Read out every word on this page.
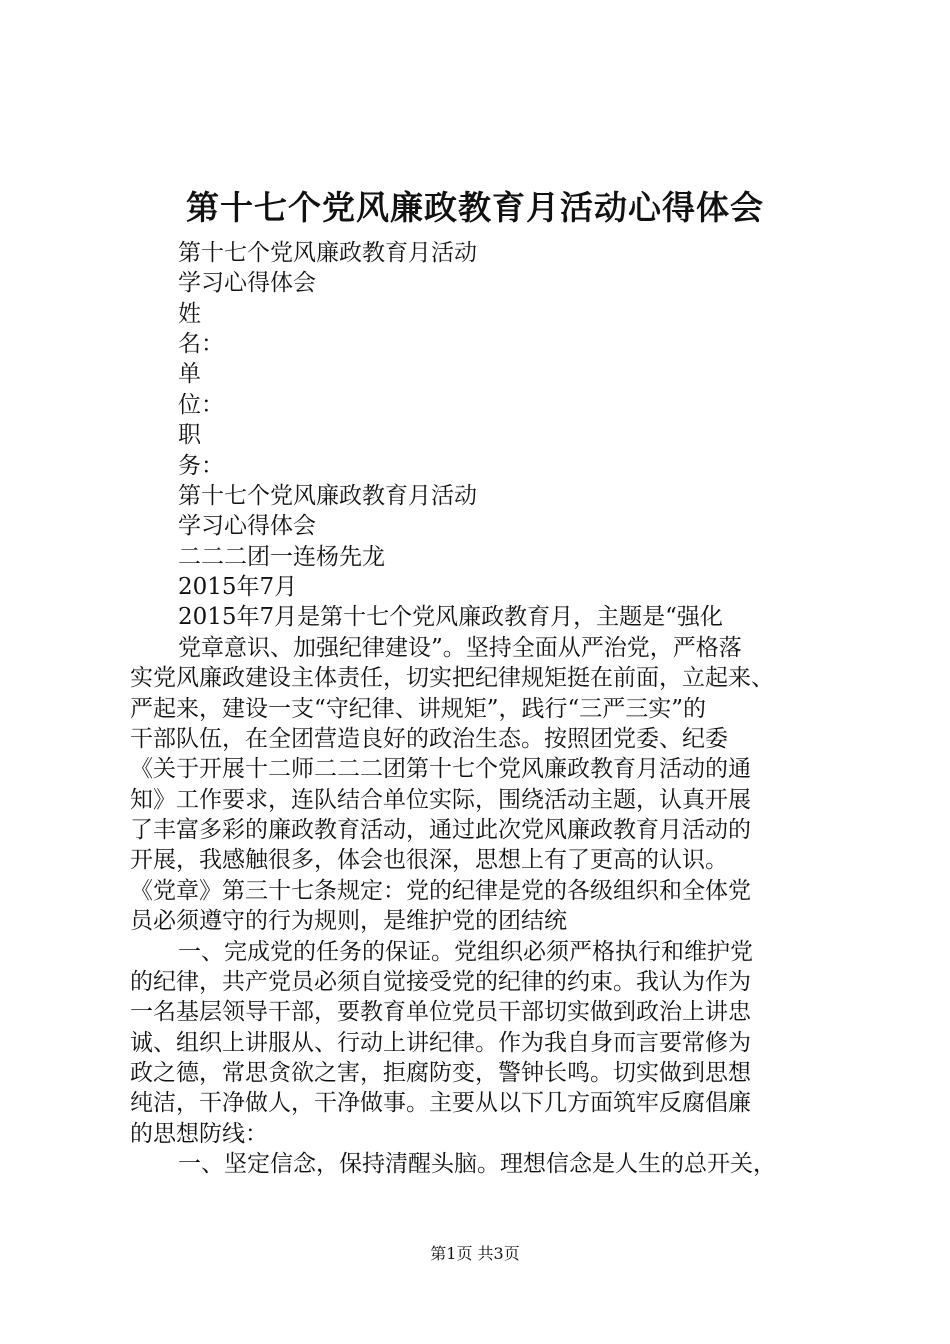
第十七个党风廉政教育月活动心得体会

第十七个党风廉政教育月活动

学习心得体会

姓

名：

单

位：

职

务：

第十七个党风廉政教育月活动

学习心得体会

二二二团一连杨先龙

2015年7月

2015年7月是第十七个党风廉政教育月，主题是“强化

党章意识、加强纪律建设”。坚持全面从严治党，严格落

实党风廉政建设主体责任，切实把纪律规矩挺在前面，立起来、

严起来，建设一支“守纪律、讲规矩”，践行“三严三实”的

干部队伍，在全团营造良好的政治生态。按照团党委、纪委

《关于开展十二师二二二团第十七个党风廉政教育月活动的通

知》工作要求，连队结合单位实际，围绕活动主题，认真开展

了丰富多彩的廉政教育活动，通过此次党风廉政教育月活动的

开展，我感触很多，体会也很深，思想上有了更高的认识。

《党章》第三十七条规定：党的纪律是党的各级组织和全体党

员必须遵守的行为规则，是维护党的团结统

一、完成党的任务的保证。党组织必须严格执行和维护党

的纪律，共产党员必须自觉接受党的纪律的约束。我认为作为

一名基层领导干部，要教育单位党员干部切实做到政治上讲忠

诚、组织上讲服从、行动上讲纪律。作为我自身而言要常修为

政之德，常思贪欲之害，拒腐防变，警钟长鸣。切实做到思想

纯洁，干净做人，干净做事。主要从以下几方面筑牢反腐倡廉

的思想防线：

一、坚定信念，保持清醒头脑。理想信念是人生的总开关，

第1页 共3页
